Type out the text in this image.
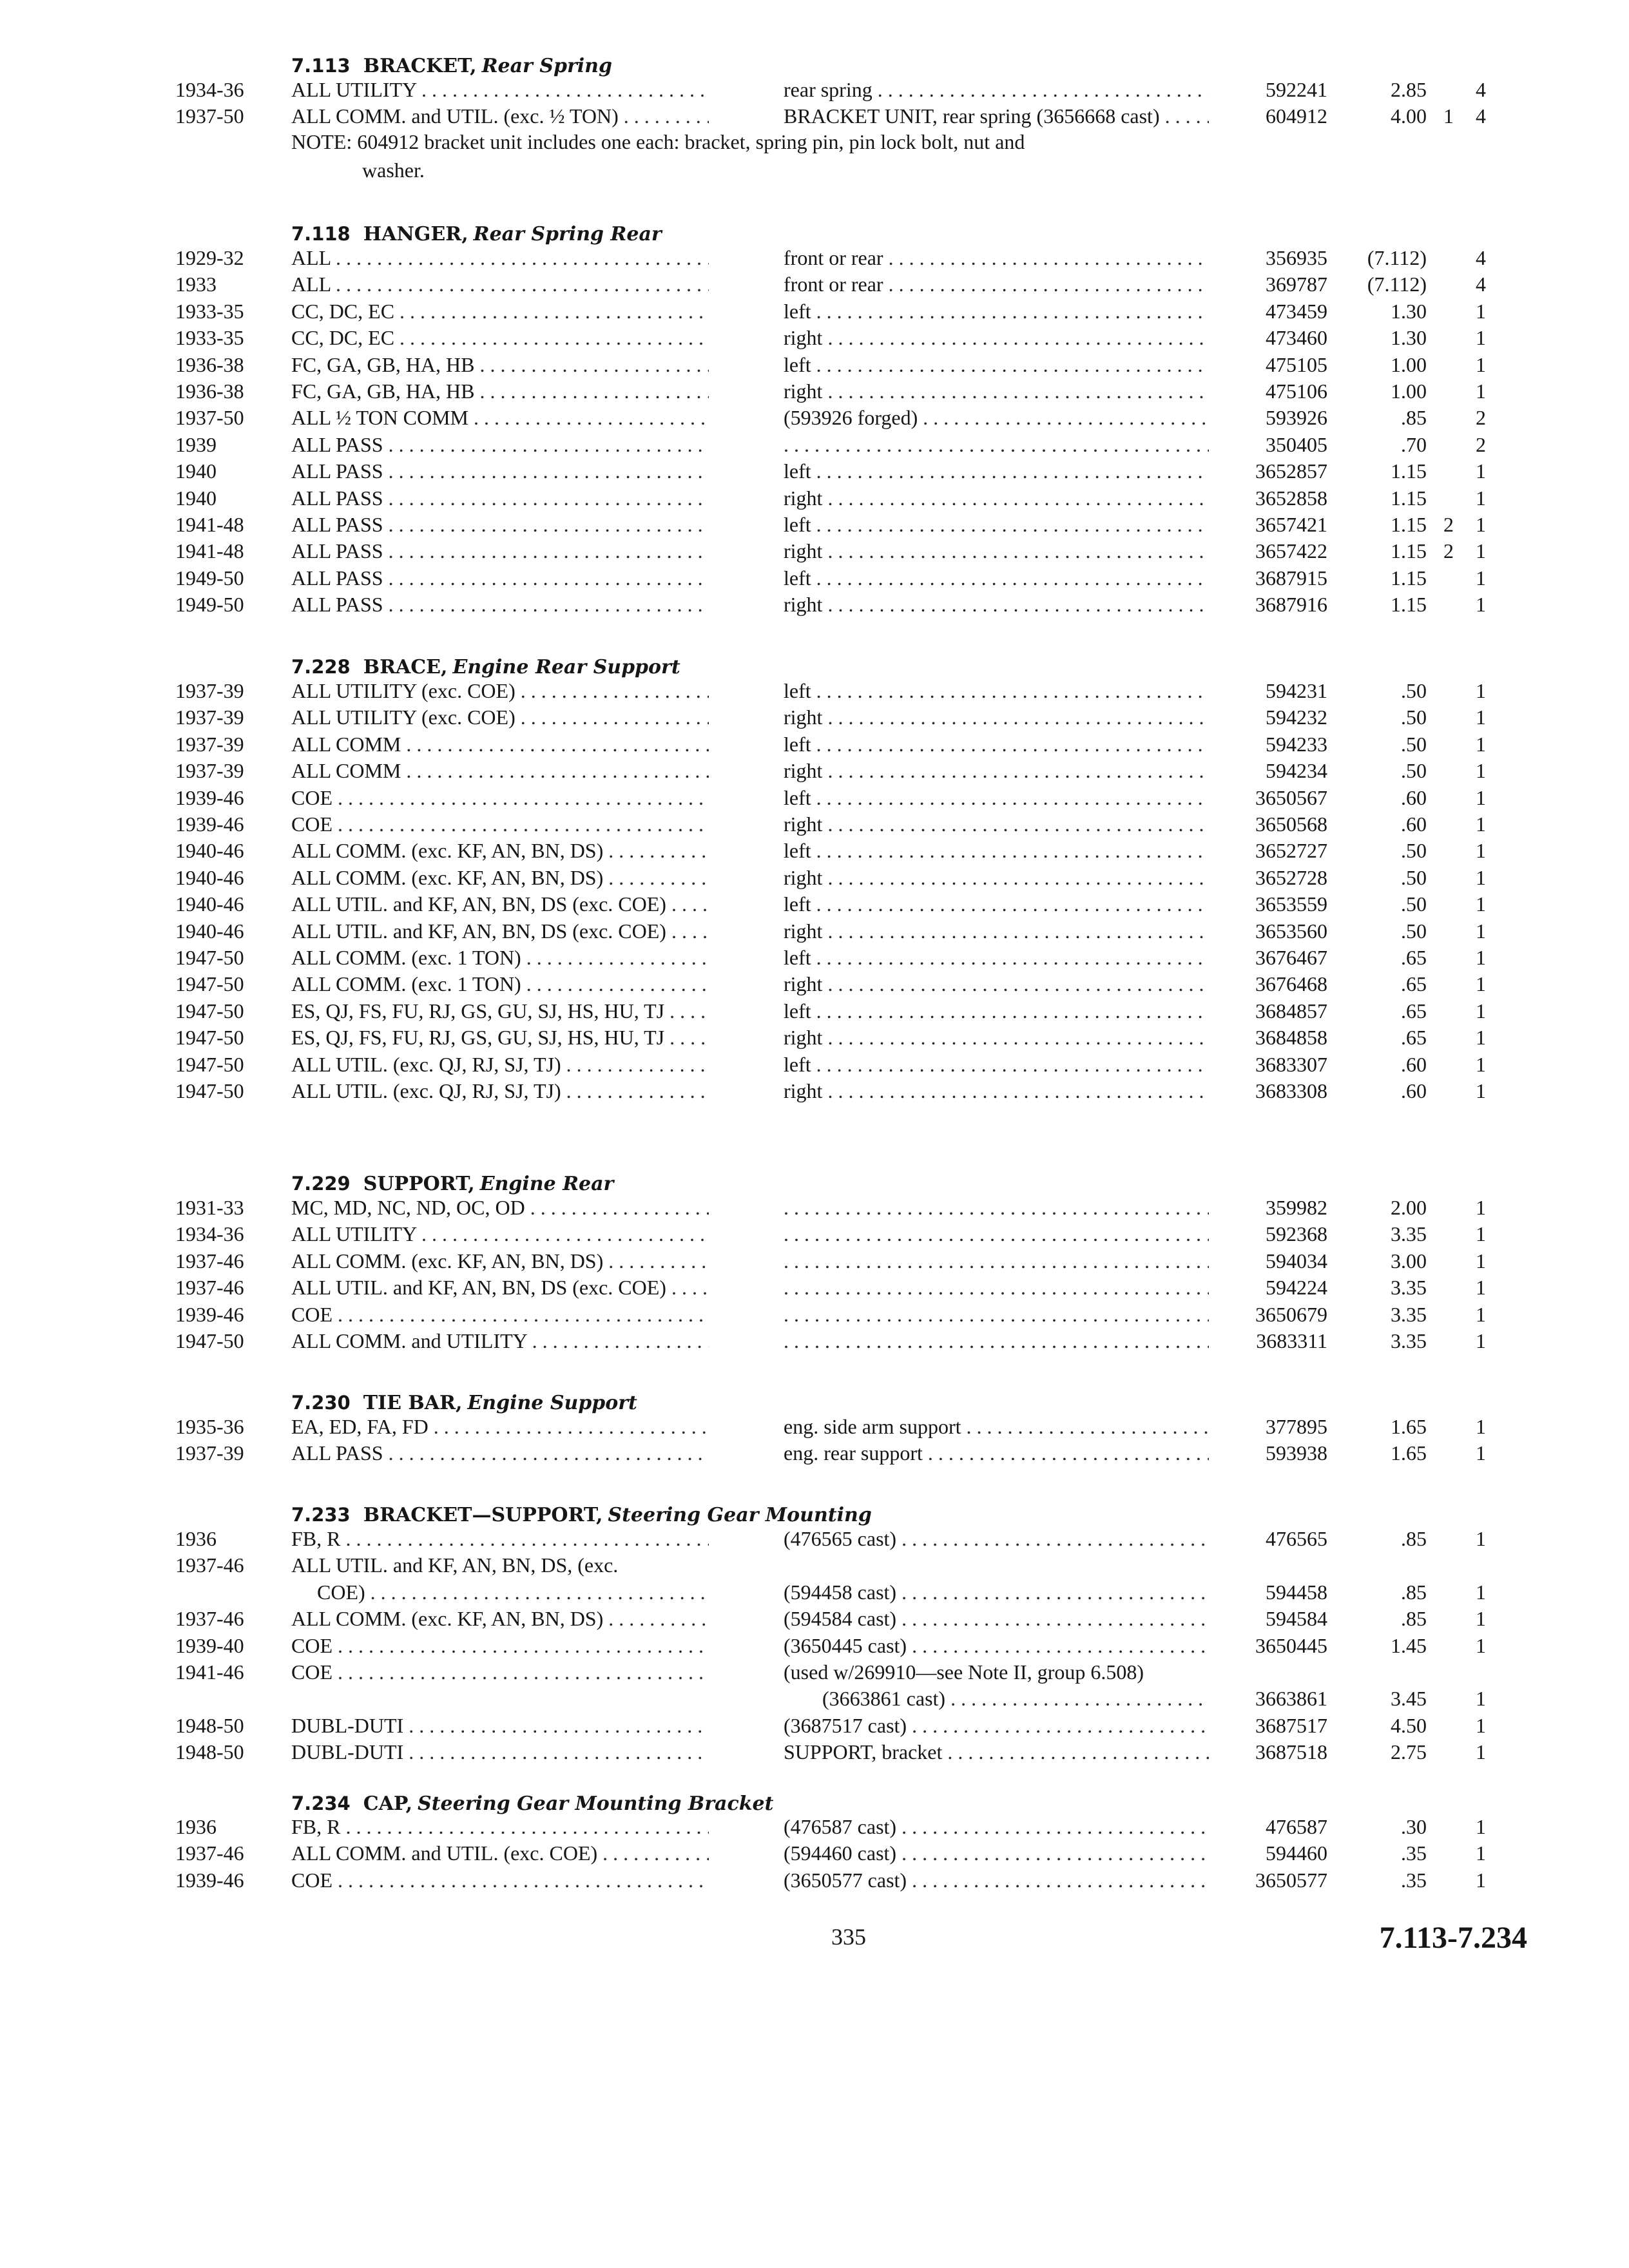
7.113 BRACKET, Rear Spring
1934-36	ALL UTILITY . . .	rear spring . . .	592241	2.85	4
1937-50	ALL COMM. and UTIL. (exc. ½ TON) . . .	BRACKET UNIT, rear spring (3656668 cast) . . .	604912	4.00 1	4
NOTE: 604912 bracket unit includes one each: bracket, spring pin, pin lock bolt, nut and
washer.
7.118 HANGER, Rear Spring Rear
1929-32	ALL . . .	front or rear . . .	356935	(7.112)	4
1933	ALL . . .	front or rear . . .	369787	(7.112)	4
1933-35	CC, DC, EC . . .	left . . .	473459	1.30	1
1933-35	CC, DC, EC . . .	right . . .	473460	1.30	1
1936-38	FC, GA, GB, HA, HB . . .	left . . .	475105	1.00	1
1936-38	FC, GA, GB, HA, HB . . .	right . . .	475106	1.00	1
1937-50	ALL ½ TON COMM . . .	(593926 forged) . . .	593926	.85	2
1939	ALL PASS . . . . . .	350405	.70	2
1940	ALL PASS . . .	left . . .	3652857	1.15	1
1940	ALL PASS . . .	right . . .	3652858	1.15	1
1941-48	ALL PASS . . .	left . . .	3657421	1.15 2	1
1941-48	ALL PASS . . .	right . . .	3657422	1.15 2	1
1949-50	ALL PASS . . .	left . . .	3687915	1.15	1
1949-50	ALL PASS . . .	right . . .	3687916	1.15	1
7.228 BRACE, Engine Rear Support
1937-39	ALL UTILITY (exc. COE) . . .	left . . .	594231	.50	1
1937-39	ALL UTILITY (exc. COE) . . .	right . . .	594232	.50	1
1937-39	ALL COMM . . .	left . . .	594233	.50	1
1937-39	ALL COMM . . .	right . . .	594234	.50	1
1939-46	COE . . .	left . . .	3650567	.60	1
1939-46	COE . . .	right . . .	3650568	.60	1
1940-46	ALL COMM. (exc. KF, AN, BN, DS) . . .	left . . .	3652727	.50	1
1940-46	ALL COMM. (exc. KF, AN, BN, DS) . . .	right . . .	3652728	.50	1
1940-46	ALL UTIL. and KF, AN, BN, DS (exc. COE) . . .	left . . .	3653559	.50	1
1940-46	ALL UTIL. and KF, AN, BN, DS (exc. COE) . . .	right . . .	3653560	.50	1
1947-50	ALL COMM. (exc. 1 TON) . . .	left . . .	3676467	.65	1
1947-50	ALL COMM. (exc. 1 TON) . . .	right . . .	3676468	.65	1
1947-50	ES, QJ, FS, FU, RJ, GS, GU, SJ, HS, HU, TJ . . .	left . . .	3684857	.65	1
1947-50	ES, QJ, FS, FU, RJ, GS, GU, SJ, HS, HU, TJ . . .	right . . .	3684858	.65	1
1947-50	ALL UTIL. (exc. QJ, RJ, SJ, TJ) . . .	left . . .	3683307	.60	1
1947-50	ALL UTIL. (exc. QJ, RJ, SJ, TJ) . . .	right . . .	3683308	.60	1
7.229 SUPPORT, Engine Rear
1931-33	MC, MD, NC, ND, OC, OD . . . . . .	359982	2.00	1
1934-36	ALL UTILITY . . . . . .	592368	3.35	1
1937-46	ALL COMM. (exc. KF, AN, BN, DS) . . . . . .	594034	3.00	1
1937-46	ALL UTIL. and KF, AN, BN, DS (exc. COE) . . . . . .	594224	3.35	1
1939-46	COE . . . . . .	3650679	3.35	1
1947-50	ALL COMM. and UTILITY . . . . . .	3683311	3.35	1
7.230 TIE BAR, Engine Support
1935-36	EA, ED, FA, FD . . .	eng. side arm support . . .	377895	1.65	1
1937-39	ALL PASS . . .	eng. rear support . . .	593938	1.65	1
7.233 BRACKET—SUPPORT, Steering Gear Mounting
1936	FB, R . . .	(476565 cast) . . .	476565	.85	1
1937-46	ALL UTIL. and KF, AN, BN, DS, (exc.
COE) . . .	(594458 cast) . . .	594458	.85	1
1937-46	ALL COMM. (exc. KF, AN, BN, DS) . . .	(594584 cast) . . .	594584	.85	1
1939-40	COE . . .	(3650445 cast) . . .	3650445	1.45	1
1941-46	COE . . .	(used w/269910—see Note II, group 6.508)
(3663861 cast) . . .	3663861	3.45	1
1948-50	DUBL-DUTI . . .	(3687517 cast) . . .	3687517	4.50	1
1948-50	DUBL-DUTI . . .	SUPPORT, bracket . . .	3687518	2.75	1
7.234 CAP, Steering Gear Mounting Bracket
1936	FB, R . . .	(476587 cast) . . .	476587	.30	1
1937-46	ALL COMM. and UTIL. (exc. COE) . . .	(594460 cast) . . .	594460	.35	1
1939-46	COE . . .	(3650577 cast) . . .	3650577	.35	1
335	7.113-7.234
